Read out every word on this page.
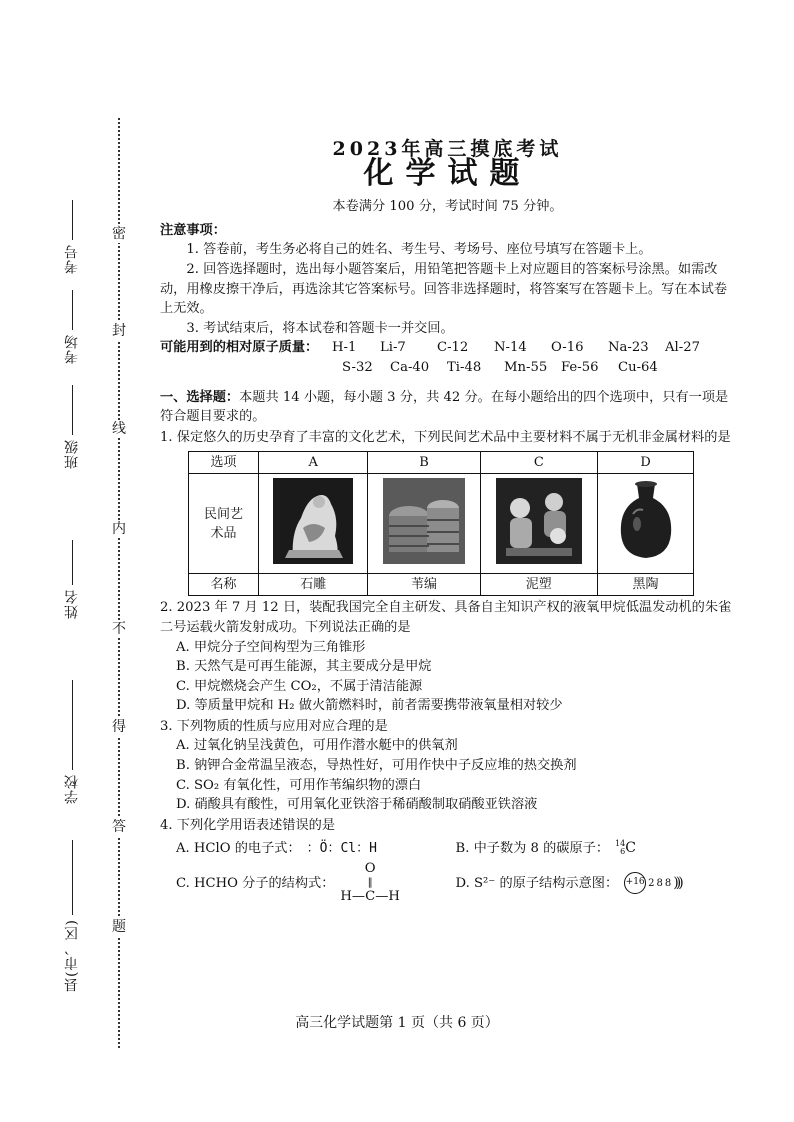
密
封
线
内
不
得
答
题
考号
考场
班级
姓名
学校
县(市、区)
2023年高三摸底考试
化学试题
本卷满分 100 分，考试时间 75 分钟。
注意事项：
1. 答卷前，考生务必将自己的姓名、考生号、考场号、座位号填写在答题卡上。
2. 回答选择题时，选出每小题答案后，用铅笔把答题卡上对应题目的答案标号涂黑。如需改动，用橡皮擦干净后，再选涂其它答案标号。回答非选择题时，将答案写在答题卡上。写在本试卷上无效。
3. 考试结束后，将本试卷和答题卡一并交回。
可能用到的相对原子质量：	H-1	Li-7	C-12	N-14	O-16	Na-23	Al-27
S-32	Ca-40	Ti-48	Mn-55	Fe-56	Cu-64
一、选择题：本题共 14 小题，每小题 3 分，共 42 分。在每小题给出的四个选项中，只有一项是符合题目要求的。
1. 保定悠久的历史孕育了丰富的文化艺术，下列民间艺术品中主要材料不属于无机非金属材料的是
选项	A	B	C	D
民间艺术品				
名称	石雕	苇编	泥塑	黑陶
2. 2023 年 7 月 12 日，装配我国完全自主研发、具备自主知识产权的液氧甲烷低温发动机的朱雀二号运载火箭发射成功。下列说法正确的是
A. 甲烷分子空间构型为三角锥形
B. 天然气是可再生能源，其主要成分是甲烷
C. 甲烷燃烧会产生 CO₂，不属于清洁能源
D. 等质量甲烷和 H₂ 做火箭燃料时，前者需要携带液氧量相对较少
3. 下列物质的性质与应用对应合理的是
A. 过氧化钠呈浅黄色，可用作潜水艇中的供氧剂
B. 钠钾合金常温呈液态，导热性好，可用作快中子反应堆的热交换剂
C. SO₂ 有氧化性，可用作苇编织物的漂白
D. 硝酸具有酸性，可用氧化亚铁溶于稀硝酸制取硝酸亚铁溶液
4. 下列化学用语表述错误的是
A. HClO 的电子式： ：Ö：Cl：H	B. 中子数为 8 的碳原子： 14
6 C
C. HCHO 分子的结构式：
O
‖
H—C—H
D. S²⁻ 的原子结构示意图： +16 2 8 8 )))
高三化学试题第 1 页（共 6 页）
